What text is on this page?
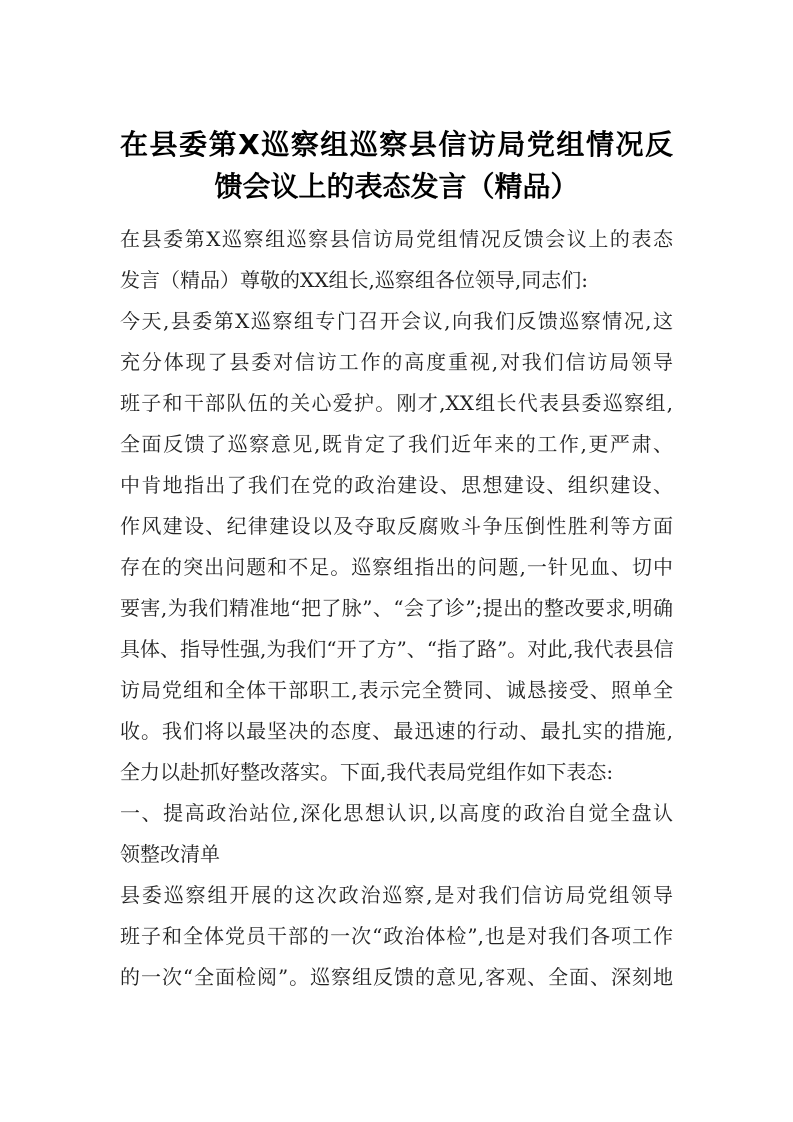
在县委第X巡察组巡察县信访局党组情况反
馈会议上的表态发言（精品）
在县委第X巡察组巡察县信访局党组情况反馈会议上的表态
发言（精品）尊敬的XX组长,巡察组各位领导,同志们:
今天,县委第X巡察组专门召开会议,向我们反馈巡察情况,这
充分体现了县委对信访工作的高度重视,对我们信访局领导
班子和干部队伍的关心爱护。刚才,XX组长代表县委巡察组,
全面反馈了巡察意见,既肯定了我们近年来的工作,更严肃、
中肯地指出了我们在党的政治建设、思想建设、组织建设、
作风建设、纪律建设以及夺取反腐败斗争压倒性胜利等方面
存在的突出问题和不足。巡察组指出的问题,一针见血、切中
要害,为我们精准地“把了脉”、“会了诊”;提出的整改要求,明确
具体、指导性强,为我们“开了方”、“指了路”。对此,我代表县信
访局党组和全体干部职工,表示完全赞同、诚恳接受、照单全
收。我们将以最坚决的态度、最迅速的行动、最扎实的措施,
全力以赴抓好整改落实。下面,我代表局党组作如下表态:
一、提高政治站位,深化思想认识,以高度的政治自觉全盘认
领整改清单
县委巡察组开展的这次政治巡察,是对我们信访局党组领导
班子和全体党员干部的一次“政治体检”,也是对我们各项工作
的一次“全面检阅”。巡察组反馈的意见,客观、全面、深刻地
